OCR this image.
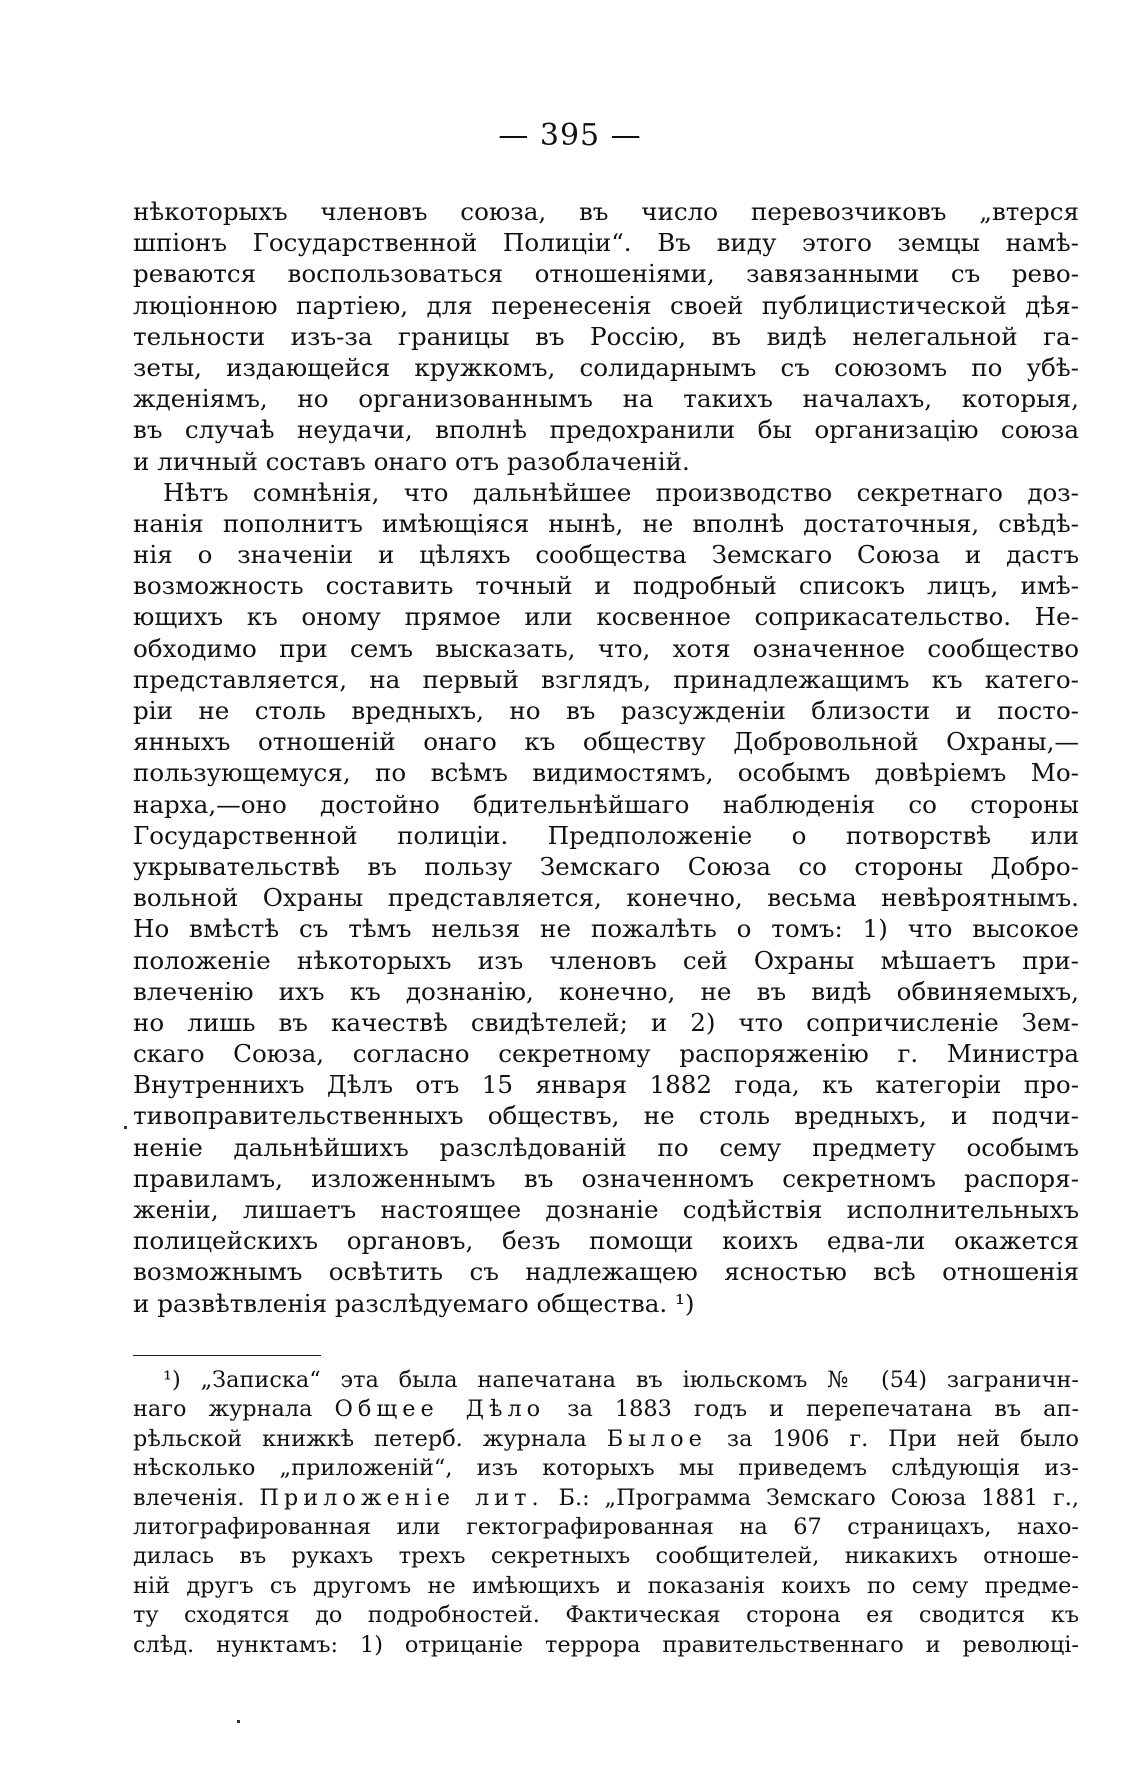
— 395 —
нѣкоторыхъ членовъ союза, въ число перевозчиковъ „втерся
шпіонъ Государственной Полиціи“. Въ виду этого земцы намѣ-
реваются воспользоваться отношеніями, завязанными съ рево-
люціонною партіею, для перенесенія своей публицистической дѣя-
тельности изъ-за границы въ Россію, въ видѣ нелегальной га-
зеты, издающейся кружкомъ, солидарнымъ съ союзомъ по убѣ-
жденіямъ, но организованнымъ на такихъ началахъ, которыя,
въ случаѣ неудачи, вполнѣ предохранили бы организацію союза
и личный составъ онаго отъ разоблаченій.
Нѣтъ сомнѣнія, что дальнѣйшее производство секретнаго доз-
нанія пополнитъ имѣющіяся нынѣ, не вполнѣ достаточныя, свѣдѣ-
нія о значеніи и цѣляхъ сообщества Земскаго Союза и дастъ
возможность составить точный и подробный списокъ лицъ, имѣ-
ющихъ къ оному прямое или косвенное соприкасательство. Не-
обходимо при семъ высказать, что, хотя означенное сообщество
представляется, на первый взглядъ, принадлежащимъ къ катего-
ріи не столь вредныхъ, но въ разсужденіи близости и посто-
янныхъ отношеній онаго къ обществу Добровольной Охраны,—
пользующемуся, по всѣмъ видимостямъ, особымъ довѣріемъ Мо-
нарха,—оно достойно бдительнѣйшаго наблюденія со стороны
Государственной полиціи. Предположеніе о потворствѣ или
укрывательствѣ въ пользу Земскаго Союза со стороны Добро-
вольной Охраны представляется, конечно, весьма невѣроятнымъ.
Но вмѣстѣ съ тѣмъ нельзя не пожалѣть о томъ: 1) что высокое
положеніе нѣкоторыхъ изъ членовъ сей Охраны мѣшаетъ при-
влеченію ихъ къ дознанію, конечно, не въ видѣ обвиняемыхъ,
но лишь въ качествѣ свидѣтелей; и 2) что сопричисленіе Зем-
скаго Союза, согласно секретному распоряженію г. Министра
Внутреннихъ Дѣлъ отъ 15 января 1882 года, къ категоріи про-
тивоправительственныхъ обществъ, не столь вредныхъ, и подчи-
неніе дальнѣйшихъ разслѣдованій по сему предмету особымъ
правиламъ, изложеннымъ въ означенномъ секретномъ распоря-
женіи, лишаетъ настоящее дознаніе содѣйствія исполнительныхъ
полицейскихъ органовъ, безъ помощи коихъ едва-ли окажется
возможнымъ освѣтить съ надлежащею ясностью всѣ отношенія
и развѣтвленія разслѣдуемаго общества. ¹)
¹) „Записка“ эта была напечатана въ іюльскомъ № (54) заграничн-
наго журнала Общее Дѣло за 1883 годъ и перепечатана въ ап-
рѣльской книжкѣ петерб. журнала Былое за 1906 г. При ней было
нѣсколько „приложеній“, изъ которыхъ мы приведемъ слѣдующія из-
влеченія. Приложеніе лит. Б.: „Программа Земскаго Союза 1881 г.,
литографированная или гектографированная на 67 страницахъ, нахо-
дилась въ рукахъ трехъ секретныхъ сообщителей, никакихъ отноше-
ній другъ съ другомъ не имѣющихъ и показанія коихъ по сему предме-
ту сходятся до подробностей. Фактическая сторона ея сводится къ
слѣд. нунктамъ: 1) отрицаніе террора правительственнаго и революці-
